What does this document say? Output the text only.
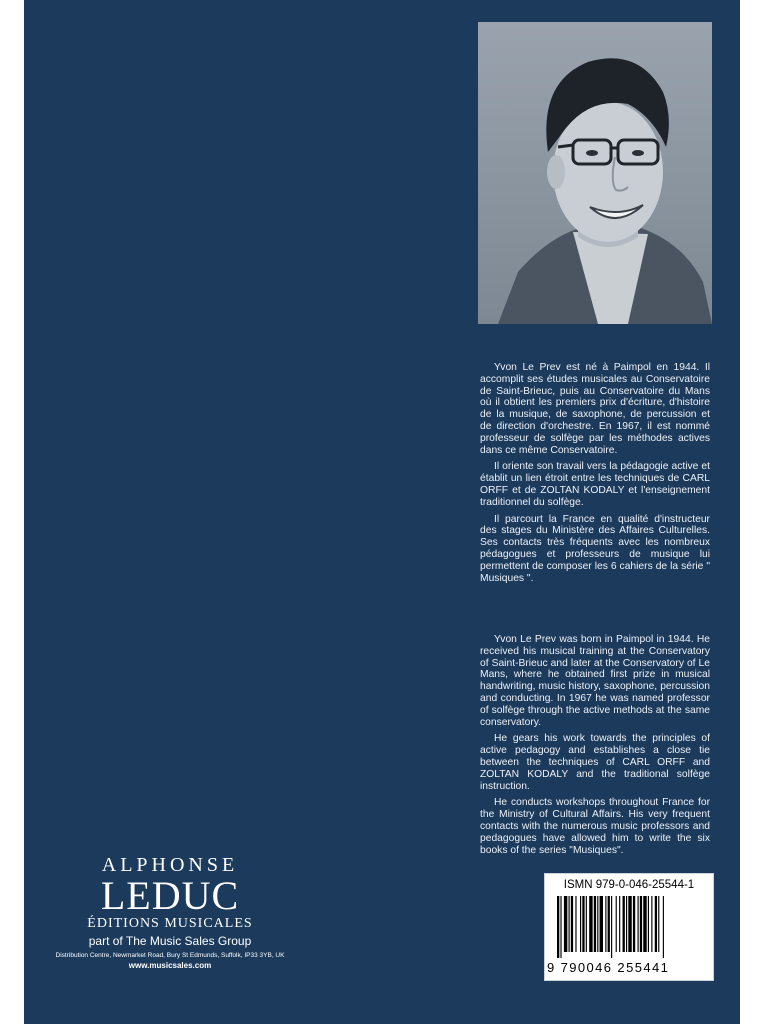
Yvon Le Prev est né à Paimpol en 1944. Il accomplit ses études musicales au Conservatoire de Saint-Brieuc, puis au Conservatoire du Mans où il obtient les premiers prix d'écriture, d'histoire de la musique, de saxophone, de percussion et de direction d'orchestre. En 1967, il est nommé professeur de solfège par les méthodes actives dans ce même Conservatoire.

Il oriente son travail vers la pédagogie active et établit un lien étroit entre les techniques de CARL ORFF et de ZOLTAN KODALY et l'enseignement traditionnel du solfège.

Il parcourt la France en qualité d'instructeur des stages du Ministère des Affaires Culturelles. Ses contacts très fréquents avec les nombreux pédagogues et professeurs de musique lui permettent de composer les 6 cahiers de la série " Musiques ".

Yvon Le Prev was born in Paimpol in 1944. He received his musical training at the Conservatory of Saint-Brieuc and later at the Conservatory of Le Mans, where he obtained first prize in musical handwriting, music history, saxophone, percussion and conducting. In 1967 he was named professor of solfège through the active methods at the same conservatory.

He gears his work towards the principles of active pedagogy and establishes a close tie between the techniques of CARL ORFF and ZOLTAN KODALY and the traditional solfège instruction.

He conducts workshops throughout France for the Ministry of Cultural Affairs. His very frequent contacts with the numerous music professors and pedagogues have allowed him to write the six books of the series "Musiques".

ALPHONSE
LEDUC
ÉDITIONS MUSICALES
part of The Music Sales Group
Distribution Centre, Newmarket Road, Bury St Edmunds, Suffolk, IP33 3YB, UK
www.musicsales.com
ISMN 979-0-046-25544-1
9 790046 255441
